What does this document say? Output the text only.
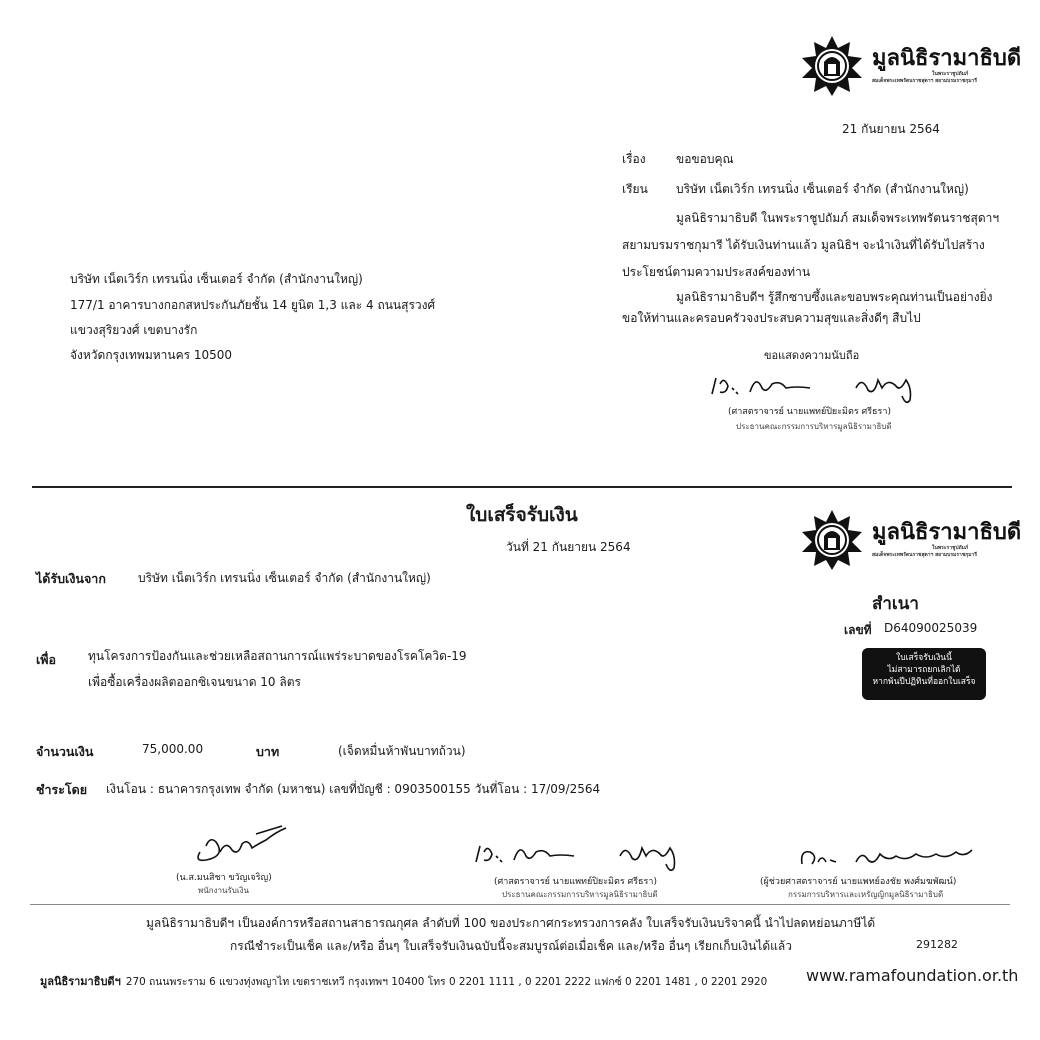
มูลนิธิรามาธิบดี
ในพระราชูปถัมภ์
สมเด็จพระเทพรัตนราชสุดาฯ สยามบรมราชกุมารี
21 กันยายน 2564
เรื่อง	ขอขอบคุณ
เรียน บริษัท เน็ตเวิร์ก เทรนนิ่ง เซ็นเตอร์ จำกัด (สำนักงานใหญ่)
มูลนิธิรามาธิบดี ในพระราชูปถัมภ์ สมเด็จพระเทพรัตนราชสุดาฯ
สยามบรมราชกุมารี ได้รับเงินท่านแล้ว มูลนิธิฯ จะนำเงินที่ได้รับไปสร้าง
ประโยชน์ตามความประสงค์ของท่าน
มูลนิธิรามาธิบดีฯ รู้สึกซาบซึ้งและขอบพระคุณท่านเป็นอย่างยิ่ง
ขอให้ท่านและครอบครัวจงประสบความสุขและสิ่งดีๆ สืบไป
ขอแสดงความนับถือ
(ศาสตราจารย์ นายแพทย์ปิยะมิตร ศรีธรา)
ประธานคณะกรรมการบริหารมูลนิธิรามาธิบดี
บริษัท เน็ตเวิร์ก เทรนนิ่ง เซ็นเตอร์ จำกัด (สำนักงานใหญ่)
177/1 อาคารบางกอกสหประกันภัยชั้น 14 ยูนิต 1,3 และ 4 ถนนสุรวงศ์
แขวงสุริยวงศ์ เขตบางรัก
จังหวัดกรุงเทพมหานคร 10500
ใบเสร็จรับเงิน
วันที่ 21 กันยายน 2564
มูลนิธิรามาธิบดี
ในพระราชูปถัมภ์
สมเด็จพระเทพรัตนราชสุดาฯ สยามบรมราชกุมารี
ได้รับเงินจาก	บริษัท เน็ตเวิร์ก เทรนนิ่ง เซ็นเตอร์ จำกัด (สำนักงานใหญ่)
สำเนา
เลขที่ D64090025039
ใบเสร็จรับเงินนี้
ไม่สามารถยกเลิกได้
หากพ้นปีปฏิทินที่ออกใบเสร็จ
เพื่อ	ทุนโครงการป้องกันและช่วยเหลือสถานการณ์แพร่ระบาดของโรคโควิด-19
เพื่อซื้อเครื่องผลิตออกซิเจนขนาด 10 ลิตร
จำนวนเงิน	75,000.00	บาท	(เจ็ดหมื่นห้าพันบาทถ้วน)
ชำระโดย เงินโอน : ธนาคารกรุงเทพ จำกัด (มหาชน) เลขที่บัญชี : 0903500155 วันที่โอน : 17/09/2564
(น.ส.มนสิชา ขวัญเจริญ)
พนักงานรับเงิน
(ศาสตราจารย์ นายแพทย์ปิยะมิตร ศรีธรา)
ประธานคณะกรรมการบริหารมูลนิธิรามาธิบดี
(ผู้ช่วยศาสตราจารย์ นายแพทย์องชัย พงศ์มฆพัฒน์)
กรรมการบริหารและเหรัญญิกมูลนิธิรามาธิบดี
มูลนิธิรามาธิบดีฯ เป็นองค์การหรือสถานสาธารณกุศล ลำดับที่ 100 ของประกาศกระทรวงการคลัง ใบเสร็จรับเงินบริจาคนี้ นำไปลดหย่อนภาษีได้
กรณีชำระเป็นเช็ค และ/หรือ อื่นๆ ใบเสร็จรับเงินฉบับนี้จะสมบูรณ์ต่อเมื่อเช็ค และ/หรือ อื่นๆ เรียกเก็บเงินได้แล้ว	291282
มูลนิธิรามาธิบดีฯ 270 ถนนพระราม 6 แขวงทุ่งพญาไท เขตราชเทวี กรุงเทพฯ 10400 โทร 0 2201 1111 , 0 2201 2222 แฟกซ์ 0 2201 1481 , 0 2201 2920 www.ramafoundation.or.th
